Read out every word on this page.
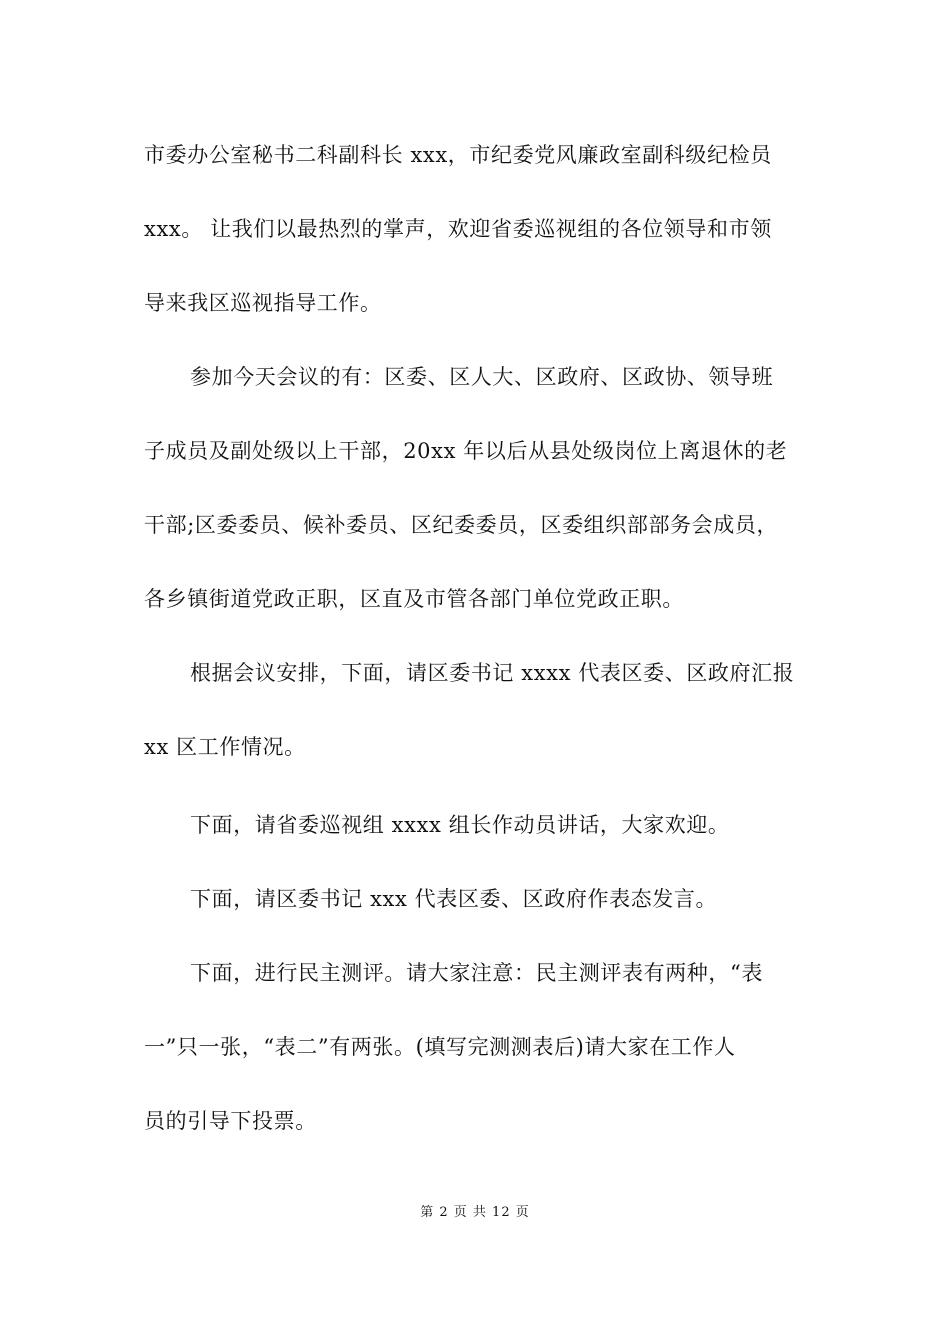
市委办公室秘书二科副科长 xxx，市纪委党风廉政室副科级纪检员
xxx。 让我们以最热烈的掌声，欢迎省委巡视组的各位领导和市领
导来我区巡视指导工作。
参加今天会议的有：区委、区人大、区政府、区政协、领导班
子成员及副处级以上干部，20xx 年以后从县处级岗位上离退休的老
干部;区委委员、候补委员、区纪委委员，区委组织部部务会成员，
各乡镇街道党政正职，区直及市管各部门单位党政正职。
根据会议安排，下面，请区委书记 xxxx 代表区委、区政府汇报
xx 区工作情况。
下面，请省委巡视组 xxxx 组长作动员讲话，大家欢迎。
下面，请区委书记 xxx 代表区委、区政府作表态发言。
下面，进行民主测评。请大家注意：民主测评表有两种，“表
一”只一张，“表二”有两张。(填写完测测表后)请大家在工作人
员的引导下投票。
第 2 页 共 12 页
